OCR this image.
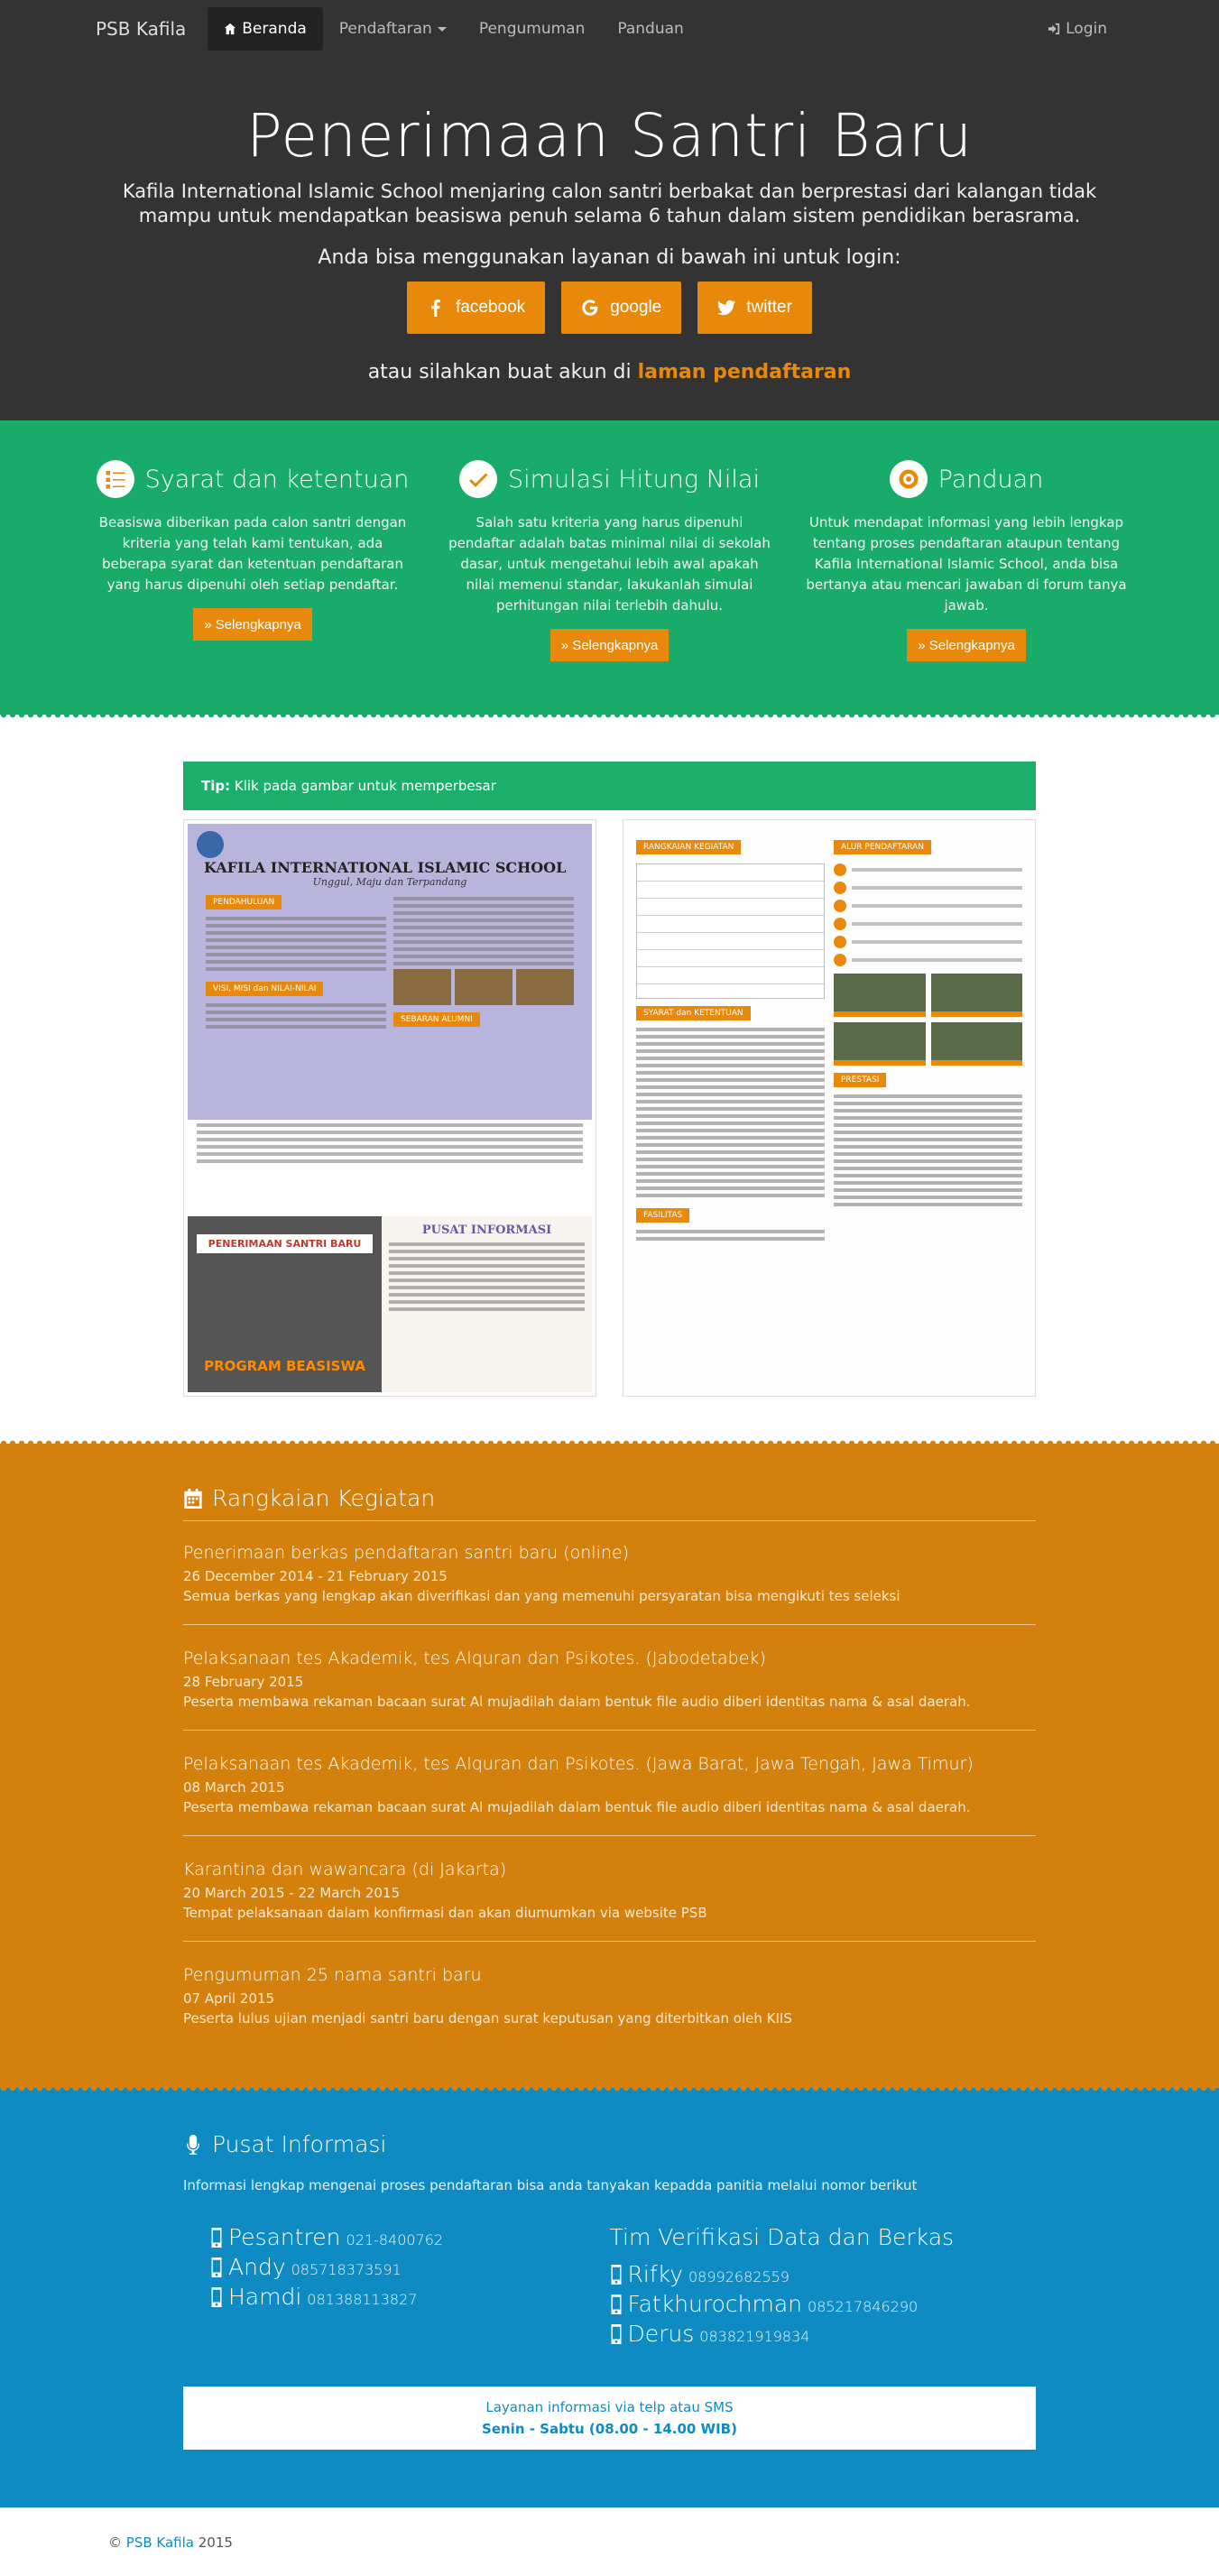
PSB Kafila	Beranda Pendaftaran	Pengumuman Panduan	Login
Penerimaan Santri Baru

Kafila International Islamic School menjaring calon santri berbakat dan berprestasi dari kalangan tidak mampu untuk mendapatkan beasiswa penuh selama 6 tahun dalam sistem pendidikan berasrama.

Anda bisa menggunakan layanan di bawah ini untuk login:

facebook	google	twitter

atau silahkan buat akun di laman pendaftaran

Syarat dan ketentuan

Beasiswa diberikan pada calon santri dengan kriteria yang telah kami tentukan, ada beberapa syarat dan ketentuan pendaftaran yang harus dipenuhi oleh setiap pendaftar.

» Selengkapnya
Simulasi Hitung Nilai

Salah satu kriteria yang harus dipenuhi pendaftar adalah batas minimal nilai di sekolah dasar, untuk mengetahui lebih awal apakah nilai memenui standar, lakukanlah simulai perhitungan nilai terlebih dahulu.

» Selengkapnya
Panduan

Untuk mendapat informasi yang lebih lengkap tentang proses pendaftaran ataupun tentang Kafila International Islamic School, anda bisa bertanya atau mencari jawaban di forum tanya jawab.

» Selengkapnya
Tip: Klik pada gambar untuk memperbesar
KAFILA INTERNATIONAL ISLAMIC SCHOOL
Unggul, Maju dan Terpandang
PENDAHULUAN
VISI, MISI dan NILAI-NILAI
SEBARAN ALUMNI
PENERIMAAN SANTRI BARU
PROGRAM BEASISWA
PUSAT INFORMASI
RANGKAIAN KEGIATAN
SYARAT dan KETENTUAN
FASILITAS
ALUR PENDAFTARAN
PRESTASI
Rangkaian Kegiatan
Penerimaan berkas pendaftaran santri baru (online)
26 December 2014 - 21 February 2015
Semua berkas yang lengkap akan diverifikasi dan yang memenuhi persyaratan bisa mengikuti tes seleksi
Pelaksanaan tes Akademik, tes Alquran dan Psikotes. (Jabodetabek)
28 February 2015
Peserta membawa rekaman bacaan surat Al mujadilah dalam bentuk file audio diberi identitas nama & asal daerah.
Pelaksanaan tes Akademik, tes Alquran dan Psikotes. (Jawa Barat, Jawa Tengah, Jawa Timur)
08 March 2015
Peserta membawa rekaman bacaan surat Al mujadilah dalam bentuk file audio diberi identitas nama & asal daerah.
Karantina dan wawancara (di Jakarta)
20 March 2015 - 22 March 2015
Tempat pelaksanaan dalam konfirmasi dan akan diumumkan via website PSB
Pengumuman 25 nama santri baru
07 April 2015
Peserta lulus ujian menjadi santri baru dengan surat keputusan yang diterbitkan oleh KIIS
Pusat Informasi

Informasi lengkap mengenai proses pendaftaran bisa anda tanyakan kepadda panitia melalui nomor berikut

Pesantren 021-8400762
Andy 085718373591
Hamdi 081388113827
Tim Verifikasi Data dan Berkas
Rifky 08992682559
Fatkhurochman 085217846290
Derus 083821919834
Layanan informasi via telp atau SMS
Senin - Sabtu (08.00 - 14.00 WIB)
© PSB Kafila 2015
